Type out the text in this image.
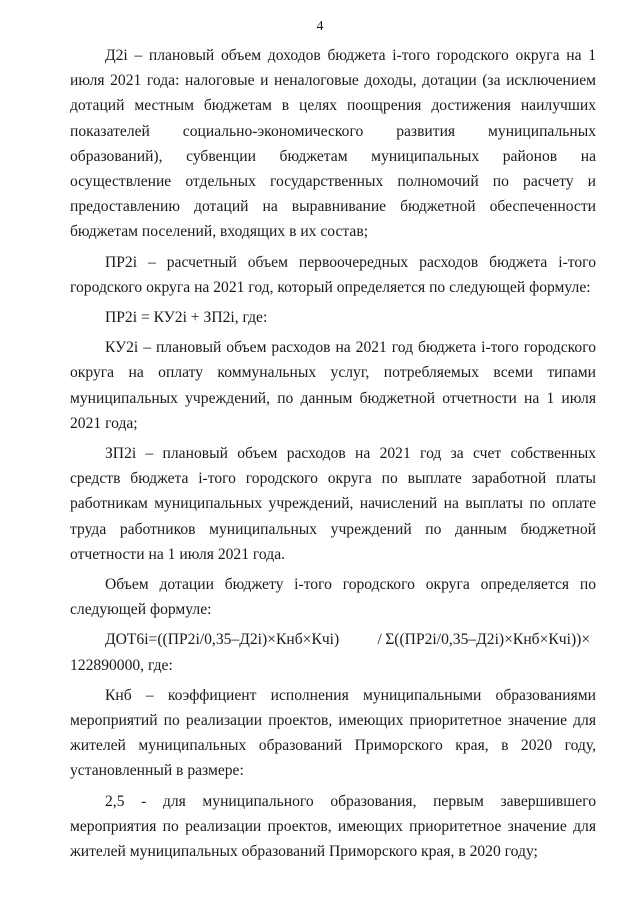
4

Д2i – плановый объем доходов бюджета i-того городского округа на 1 июля 2021 года: налоговые и неналоговые доходы, дотации (за исключением дотаций местным бюджетам в целях поощрения достижения наилучших показателей социально-экономического развития муниципальных образований), субвенции бюджетам муниципальных районов на осуществление отдельных государственных полномочий по расчету и предоставлению дотаций на выравнивание бюджетной обеспеченности бюджетам поселений, входящих в их состав;

ПР2i – расчетный объем первоочередных расходов бюджета i-того городского округа на 2021 год, который определяется по следующей формуле:

ПР2i = КУ2i + ЗП2i, где:

КУ2i – плановый объем расходов на 2021 год бюджета i-того городского округа на оплату коммунальных услуг, потребляемых всеми типами муниципальных учреждений, по данным бюджетной отчетности на 1 июля 2021 года;

ЗП2i – плановый объем расходов на 2021 год за счет собственных средств бюджета i-того городского округа по выплате заработной платы работникам муниципальных учреждений, начислений на выплаты по оплате труда работников муниципальных учреждений по данным бюджетной отчетности на 1 июля 2021 года.

Объем дотации бюджету i-того городского округа определяется по следующей формуле:

ДОТ6i=((ПР2i/0,35–Д2i)×Кнб×Кчi) / Σ((ПР2i/0,35–Д2i)×Кнб×Кчi))×

122890000, где:

Кнб – коэффициент исполнения муниципальными образованиями мероприятий по реализации проектов, имеющих приоритетное значение для жителей муниципальных образований Приморского края, в 2020 году, установленный в размере:

2,5 - для муниципального образования, первым завершившего мероприятия по реализации проектов, имеющих приоритетное значение для жителей муниципальных образований Приморского края, в 2020 году;
